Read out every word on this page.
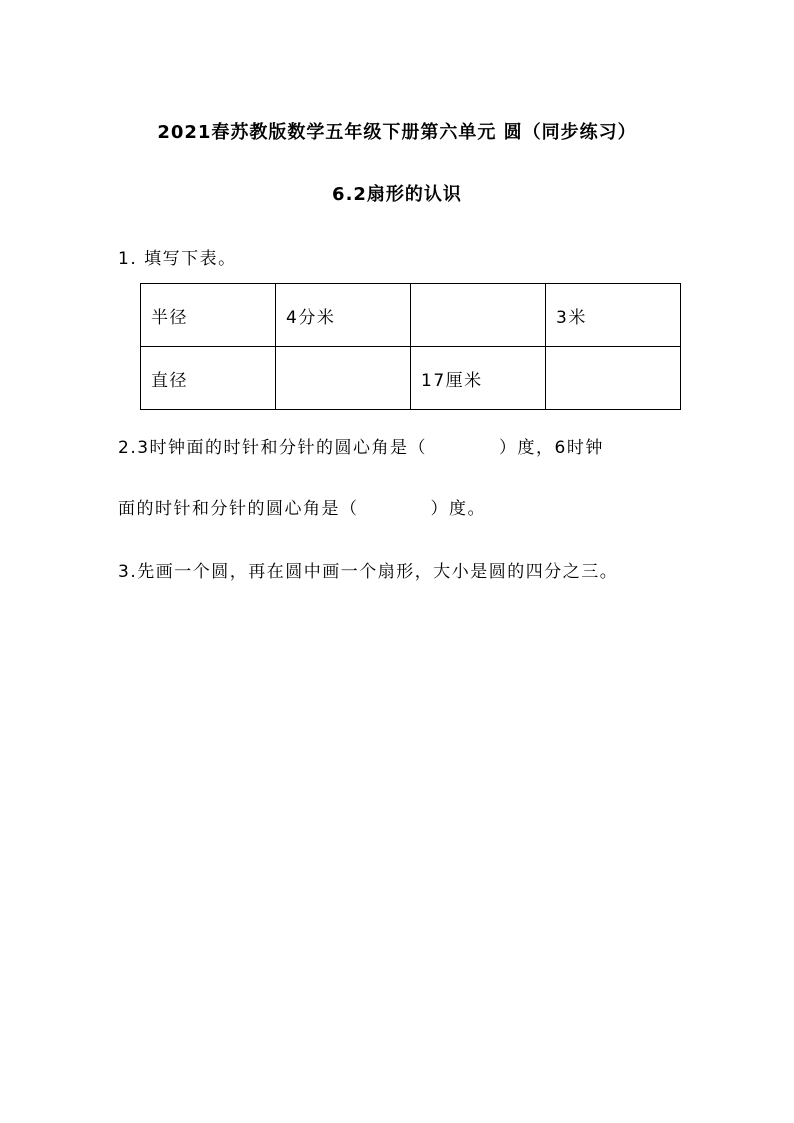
2021春苏教版数学五年级下册第六单元 圆（同步练习）
6.2扇形的认识
1. 填写下表。
半径	4分米		3米
直径		17厘米	
2.3时钟面的时针和分针的圆心角是（	）度，6时钟
面的时针和分针的圆心角是（	）度。
3.先画一个圆，再在圆中画一个扇形，大小是圆的四分之三。
